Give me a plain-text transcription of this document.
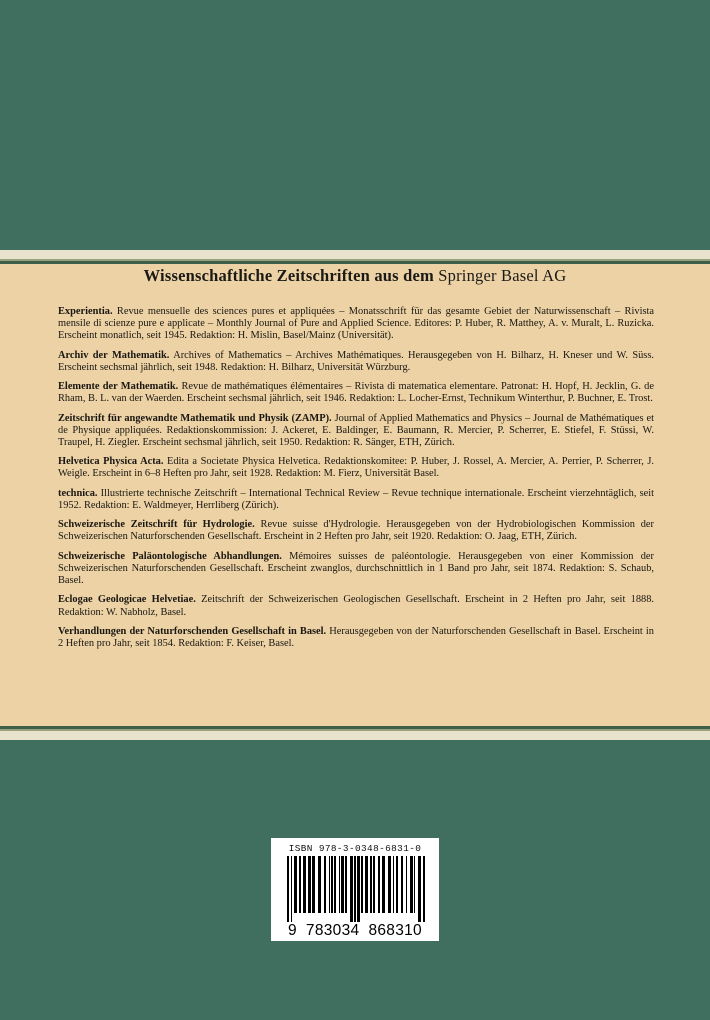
Wissenschaftliche Zeitschriften aus dem Springer Basel AG
Experientia. Revue mensuelle des sciences pures et appliquées – Monatsschrift für das gesamte Gebiet der Naturwissenschaft – Rivista mensile di scienze pure e applicate – Monthly Journal of Pure and Applied Science. Editores: P. Huber, R. Matthey, A. v. Muralt, L. Ruzicka. Erscheint monatlich, seit 1945. Redaktion: H. Mislin, Basel/Mainz (Universität).
Archiv der Mathematik. Archives of Mathematics – Archives Mathématiques. Herausgegeben von H. Bilharz, H. Kneser und W. Süss. Erscheint sechsmal jährlich, seit 1948. Redaktion: H. Bilharz, Universität Würzburg.
Elemente der Mathematik. Revue de mathématiques élémentaires – Rivista di matematica elementare. Patronat: H. Hopf, H. Jecklin, G. de Rham, B. L. van der Waerden. Erscheint sechsmal jährlich, seit 1946. Redaktion: L. Locher-Ernst, Technikum Winterthur, P. Buchner, E. Trost.
Zeitschrift für angewandte Mathematik und Physik (ZAMP). Journal of Applied Mathematics and Physics – Journal de Mathématiques et de Physique appliquées. Redaktionskommission: J. Ackeret, E. Baldinger, E. Baumann, R. Mercier, P. Scherrer, E. Stiefel, F. Stüssi, W. Traupel, H. Ziegler. Erscheint sechsmal jährlich, seit 1950. Redaktion: R. Sänger, ETH, Zürich.
Helvetica Physica Acta. Edita a Societate Physica Helvetica. Redaktionskomitee: P. Huber, J. Rossel, A. Mercier, A. Perrier, P. Scherrer, J. Weigle. Erscheint in 6–8 Heften pro Jahr, seit 1928. Redaktion: M. Fierz, Universität Basel.
technica. Illustrierte technische Zeitschrift – International Technical Review – Revue technique internationale. Erscheint vierzehntäglich, seit 1952. Redaktion: E. Waldmeyer, Herrliberg (Zürich).
Schweizerische Zeitschrift für Hydrologie. Revue suisse d'Hydrologie. Herausgegeben von der Hydrobiologischen Kommission der Schweizerischen Naturforschenden Gesellschaft. Erscheint in 2 Heften pro Jahr, seit 1920. Redaktion: O. Jaag, ETH, Zürich.
Schweizerische Paläontologische Abhandlungen. Mémoires suisses de paléontologie. Herausgegeben von einer Kommission der Schweizerischen Naturforschenden Gesellschaft. Erscheint zwanglos, durchschnittlich in 1 Band pro Jahr, seit 1874. Redaktion: S. Schaub, Basel.
Eclogae Geologicae Helvetiae. Zeitschrift der Schweizerischen Geologischen Gesellschaft. Erscheint in 2 Heften pro Jahr, seit 1888. Redaktion: W. Nabholz, Basel.
Verhandlungen der Naturforschenden Gesellschaft in Basel. Herausgegeben von der Naturforschenden Gesellschaft in Basel. Erscheint in 2 Heften pro Jahr, seit 1854. Redaktion: F. Keiser, Basel.
ISBN 978-3-0348-6831-0
9 783034 868310
